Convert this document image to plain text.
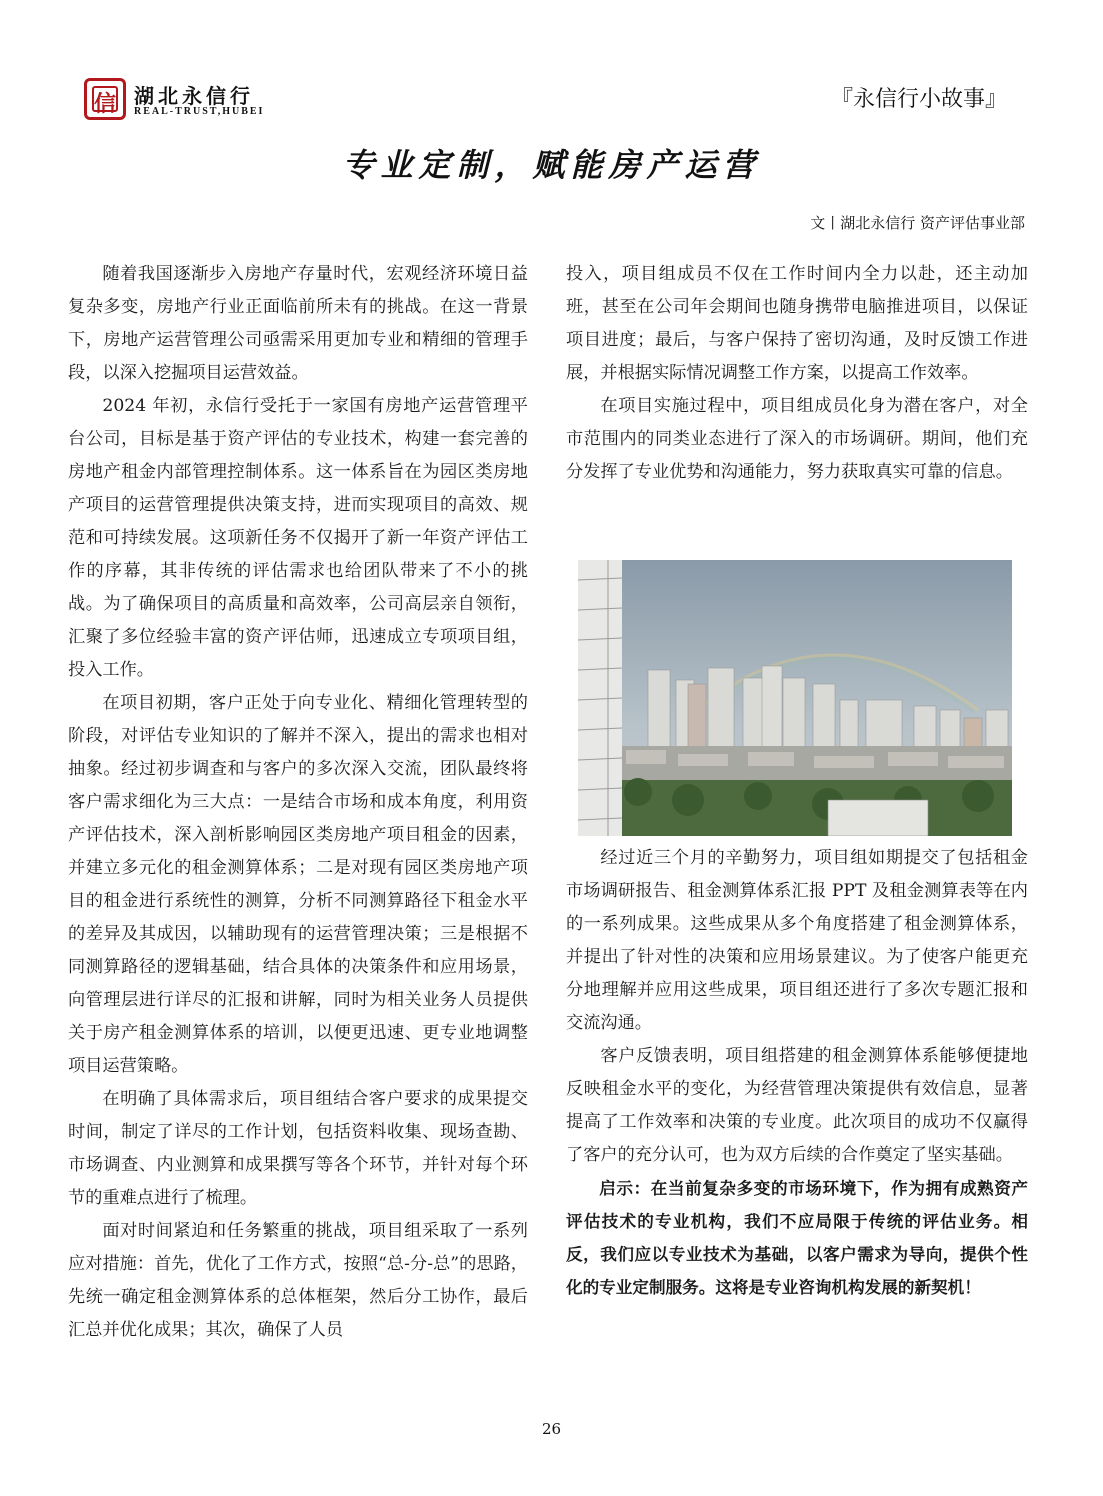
信 湖北永信行
REAL-TRUST,HUBEI	『永信行小故事』
专业定制，赋能房产运营
文丨湖北永信行 资产评估事业部

随着我国逐渐步入房地产存量时代，宏观经济环境日益复杂多变，房地产行业正面临前所未有的挑战。在这一背景下，房地产运营管理公司亟需采用更加专业和精细的管理手段，以深入挖掘项目运营效益。

2024 年初，永信行受托于一家国有房地产运营管理平台公司，目标是基于资产评估的专业技术，构建一套完善的房地产租金内部管理控制体系。这一体系旨在为园区类房地产项目的运营管理提供决策支持，进而实现项目的高效、规范和可持续发展。这项新任务不仅揭开了新一年资产评估工作的序幕，其非传统的评估需求也给团队带来了不小的挑战。为了确保项目的高质量和高效率，公司高层亲自领衔，汇聚了多位经验丰富的资产评估师，迅速成立专项项目组，投入工作。

在项目初期，客户正处于向专业化、精细化管理转型的阶段，对评估专业知识的了解并不深入，提出的需求也相对抽象。经过初步调查和与客户的多次深入交流，团队最终将客户需求细化为三大点：一是结合市场和成本角度，利用资产评估技术，深入剖析影响园区类房地产项目租金的因素，并建立多元化的租金测算体系；二是对现有园区类房地产项目的租金进行系统性的测算，分析不同测算路径下租金水平的差异及其成因，以辅助现有的运营管理决策；三是根据不同测算路径的逻辑基础，结合具体的决策条件和应用场景，向管理层进行详尽的汇报和讲解，同时为相关业务人员提供关于房产租金测算体系的培训，以便更迅速、更专业地调整项目运营策略。

在明确了具体需求后，项目组结合客户要求的成果提交时间，制定了详尽的工作计划，包括资料收集、现场查勘、市场调查、内业测算和成果撰写等各个环节，并针对每个环节的重难点进行了梳理。

面对时间紧迫和任务繁重的挑战，项目组采取了一系列应对措施：首先，优化了工作方式，按照“总-分-总”的思路，先统一确定租金测算体系的总体框架，然后分工协作，最后汇总并优化成果；其次，确保了人员

投入，项目组成员不仅在工作时间内全力以赴，还主动加班，甚至在公司年会期间也随身携带电脑推进项目，以保证项目进度；最后，与客户保持了密切沟通，及时反馈工作进展，并根据实际情况调整工作方案，以提高工作效率。

在项目实施过程中，项目组成员化身为潜在客户，对全市范围内的同类业态进行了深入的市场调研。期间，他们充分发挥了专业优势和沟通能力，努力获取真实可靠的信息。

经过近三个月的辛勤努力，项目组如期提交了包括租金市场调研报告、租金测算体系汇报 PPT 及租金测算表等在内的一系列成果。这些成果从多个角度搭建了租金测算体系，并提出了针对性的决策和应用场景建议。为了使客户能更充分地理解并应用这些成果，项目组还进行了多次专题汇报和交流沟通。

客户反馈表明，项目组搭建的租金测算体系能够便捷地反映租金水平的变化，为经营管理决策提供有效信息，显著提高了工作效率和决策的专业度。此次项目的成功不仅赢得了客户的充分认可，也为双方后续的合作奠定了坚实基础。

启示：在当前复杂多变的市场环境下，作为拥有成熟资产评估技术的专业机构，我们不应局限于传统的评估业务。相反，我们应以专业技术为基础，以客户需求为导向，提供个性化的专业定制服务。这将是专业咨询机构发展的新契机！

26
